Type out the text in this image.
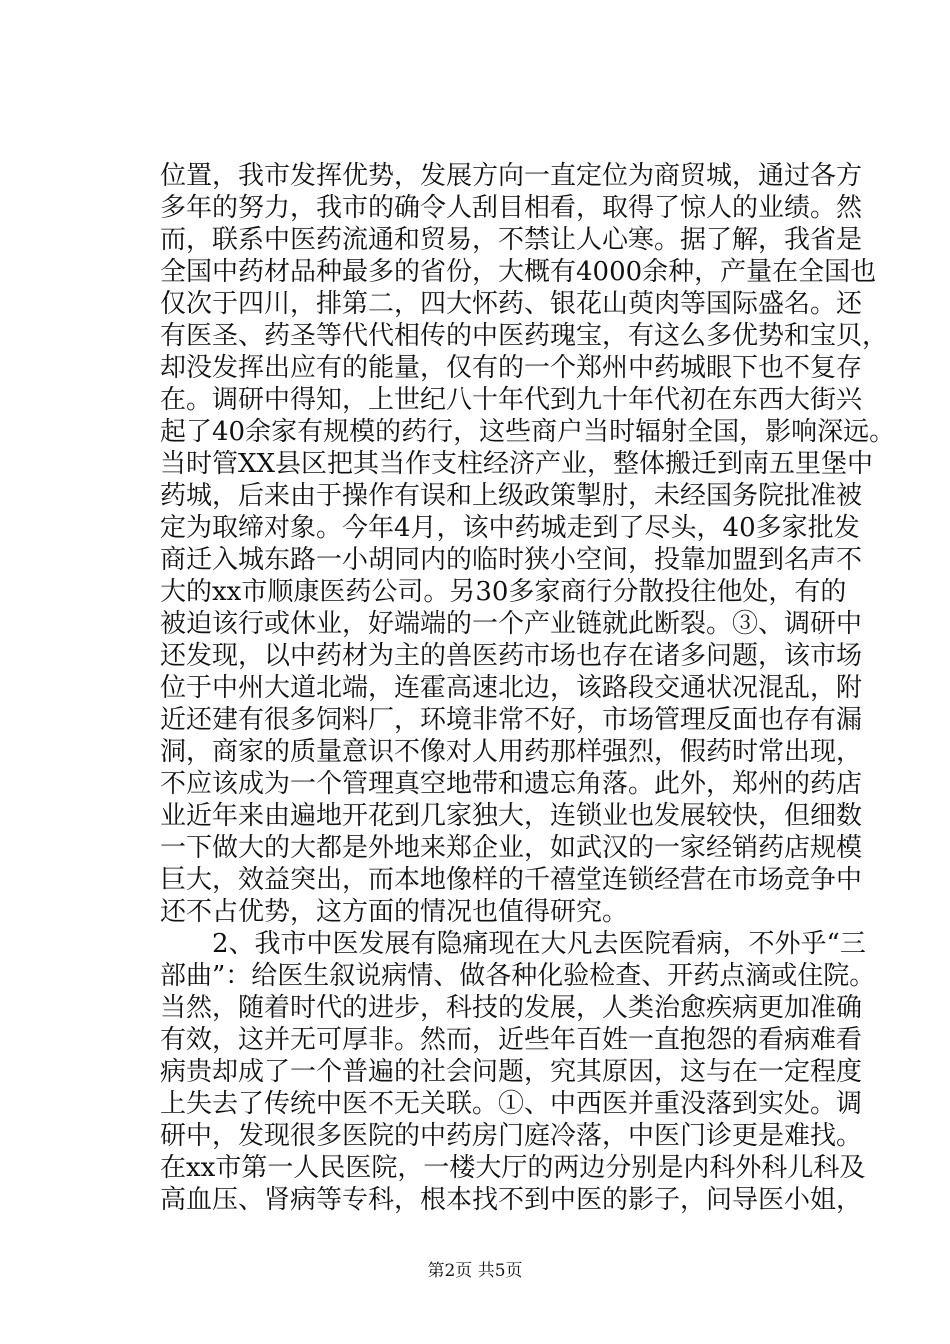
位置，我市发挥优势，发展方向一直定位为商贸城，通过各方
多年的努力，我市的确令人刮目相看，取得了惊人的业绩。然
而，联系中医药流通和贸易，不禁让人心寒。据了解，我省是
全国中药材品种最多的省份，大概有4000余种，产量在全国也
仅次于四川，排第二，四大怀药、银花山萸肉等国际盛名。还
有医圣、药圣等代代相传的中医药瑰宝，有这么多优势和宝贝，
却没发挥出应有的能量，仅有的一个郑州中药城眼下也不复存
在。调研中得知，上世纪八十年代到九十年代初在东西大街兴
起了40余家有规模的药行，这些商户当时辐射全国，影响深远。
当时管XX县区把其当作支柱经济产业，整体搬迁到南五里堡中
药城，后来由于操作有误和上级政策掣肘，未经国务院批准被
定为取缔对象。今年4月，该中药城走到了尽头，40多家批发
商迁入城东路一小胡同内的临时狭小空间，投靠加盟到名声不
大的xx市顺康医药公司。另30多家商行分散投往他处，有的
被迫该行或休业，好端端的一个产业链就此断裂。③、调研中
还发现，以中药材为主的兽医药市场也存在诸多问题，该市场
位于中州大道北端，连霍高速北边，该路段交通状况混乱，附
近还建有很多饲料厂，环境非常不好，市场管理反面也存有漏
洞，商家的质量意识不像对人用药那样强烈，假药时常出现，
不应该成为一个管理真空地带和遗忘角落。此外，郑州的药店
业近年来由遍地开花到几家独大，连锁业也发展较快，但细数
一下做大的大都是外地来郑企业，如武汉的一家经销药店规模
巨大，效益突出，而本地像样的千禧堂连锁经营在市场竞争中
还不占优势，这方面的情况也值得研究。
2、我市中医发展有隐痛现在大凡去医院看病，不外乎“三
部曲”：给医生叙说病情、做各种化验检查、开药点滴或住院。
当然，随着时代的进步，科技的发展，人类治愈疾病更加准确
有效，这并无可厚非。然而，近些年百姓一直抱怨的看病难看
病贵却成了一个普遍的社会问题，究其原因，这与在一定程度
上失去了传统中医不无关联。①、中西医并重没落到实处。调
研中，发现很多医院的中药房门庭冷落，中医门诊更是难找。
在xx市第一人民医院，一楼大厅的两边分别是内科外科儿科及
高血压、肾病等专科，根本找不到中医的影子，问导医小姐，
第2页 共5页
